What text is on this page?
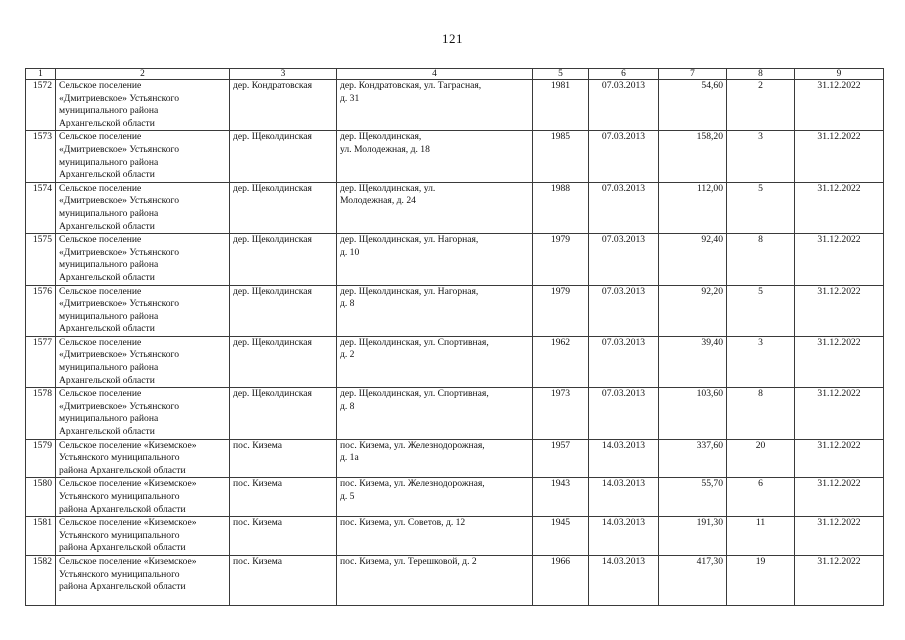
121
1	2	3	4	5	6	7	8	9
1572	Сельское поселение
«Дмитриевское» Устьянского
муниципального района
Архангельской области	дер. Кондратовская	дер. Кондратовская, ул. Таграсная,
д. 31	1981	07.03.2013	54,60	2	31.12.2022
1573	Сельское поселение
«Дмитриевское» Устьянского
муниципального района
Архангельской области	дер. Щеколдинская	дер. Щеколдинская,
ул. Молодежная, д. 18	1985	07.03.2013	158,20	3	31.12.2022
1574	Сельское поселение
«Дмитриевское» Устьянского
муниципального района
Архангельской области	дер. Щеколдинская	дер. Щеколдинская, ул.
Молодежная, д. 24	1988	07.03.2013	112,00	5	31.12.2022
1575	Сельское поселение
«Дмитриевское» Устьянского
муниципального района
Архангельской области	дер. Щеколдинская	дер. Щеколдинская, ул. Нагорная,
д. 10	1979	07.03.2013	92,40	8	31.12.2022
1576	Сельское поселение
«Дмитриевское» Устьянского
муниципального района
Архангельской области	дер. Щеколдинская	дер. Щеколдинская, ул. Нагорная,
д. 8	1979	07.03.2013	92,20	5	31.12.2022
1577	Сельское поселение
«Дмитриевское» Устьянского
муниципального района
Архангельской области	дер. Щеколдинская	дер. Щеколдинская, ул. Спортивная,
д. 2	1962	07.03.2013	39,40	3	31.12.2022
1578	Сельское поселение
«Дмитриевское» Устьянского
муниципального района
Архангельской области	дер. Щеколдинская	дер. Щеколдинская, ул. Спортивная,
д. 8	1973	07.03.2013	103,60	8	31.12.2022
1579	Сельское поселение «Киземское»
Устьянского муниципального
района Архангельской области	пос. Кизема	пос. Кизема, ул. Железнодорожная,
д. 1а	1957	14.03.2013	337,60	20	31.12.2022
1580	Сельское поселение «Киземское»
Устьянского муниципального
района Архангельской области	пос. Кизема	пос. Кизема, ул. Железнодорожная,
д. 5	1943	14.03.2013	55,70	6	31.12.2022
1581	Сельское поселение «Киземское»
Устьянского муниципального
района Архангельской области	пос. Кизема	пос. Кизема, ул. Советов, д. 12	1945	14.03.2013	191,30	11	31.12.2022
1582	Сельское поселение «Киземское»
Устьянского муниципального
района Архангельской области	пос. Кизема	пос. Кизема, ул. Терешковой, д. 2	1966	14.03.2013	417,30	19	31.12.2022
